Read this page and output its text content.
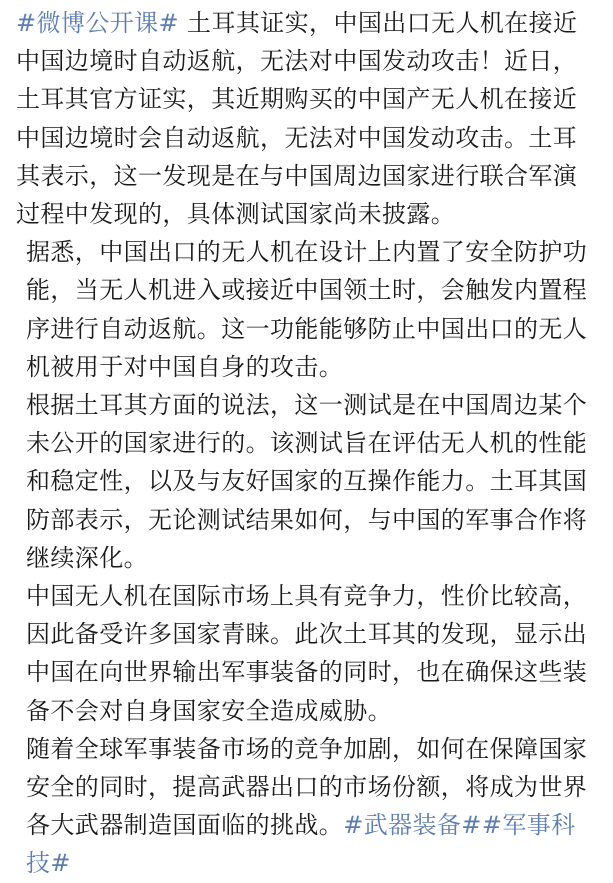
#微博公开课# 土耳其证实，中国出口无人机在接近中国边境时自动返航，无法对中国发动攻击！近日，土耳其官方证实，其近期购买的中国产无人机在接近中国边境时会自动返航，无法对中国发动攻击。土耳其表示，这一发现是在与中国周边国家进行联合军演过程中发现的，具体测试国家尚未披露。

据悉，中国出口的无人机在设计上内置了安全防护功能，当无人机进入或接近中国领土时，会触发内置程序进行自动返航。这一功能能够防止中国出口的无人机被用于对中国自身的攻击。

根据土耳其方面的说法，这一测试是在中国周边某个未公开的国家进行的。该测试旨在评估无人机的性能和稳定性，以及与友好国家的互操作能力。土耳其国防部表示，无论测试结果如何，与中国的军事合作将继续深化。

中国无人机在国际市场上具有竞争力，性价比较高，因此备受许多国家青睐。此次土耳其的发现，显示出中国在向世界输出军事装备的同时，也在确保这些装备不会对自身国家安全造成威胁。

随着全球军事装备市场的竞争加剧，如何在保障国家安全的同时，提高武器出口的市场份额，将成为世界各大武器制造国面临的挑战。#武器装备##军事科技#
